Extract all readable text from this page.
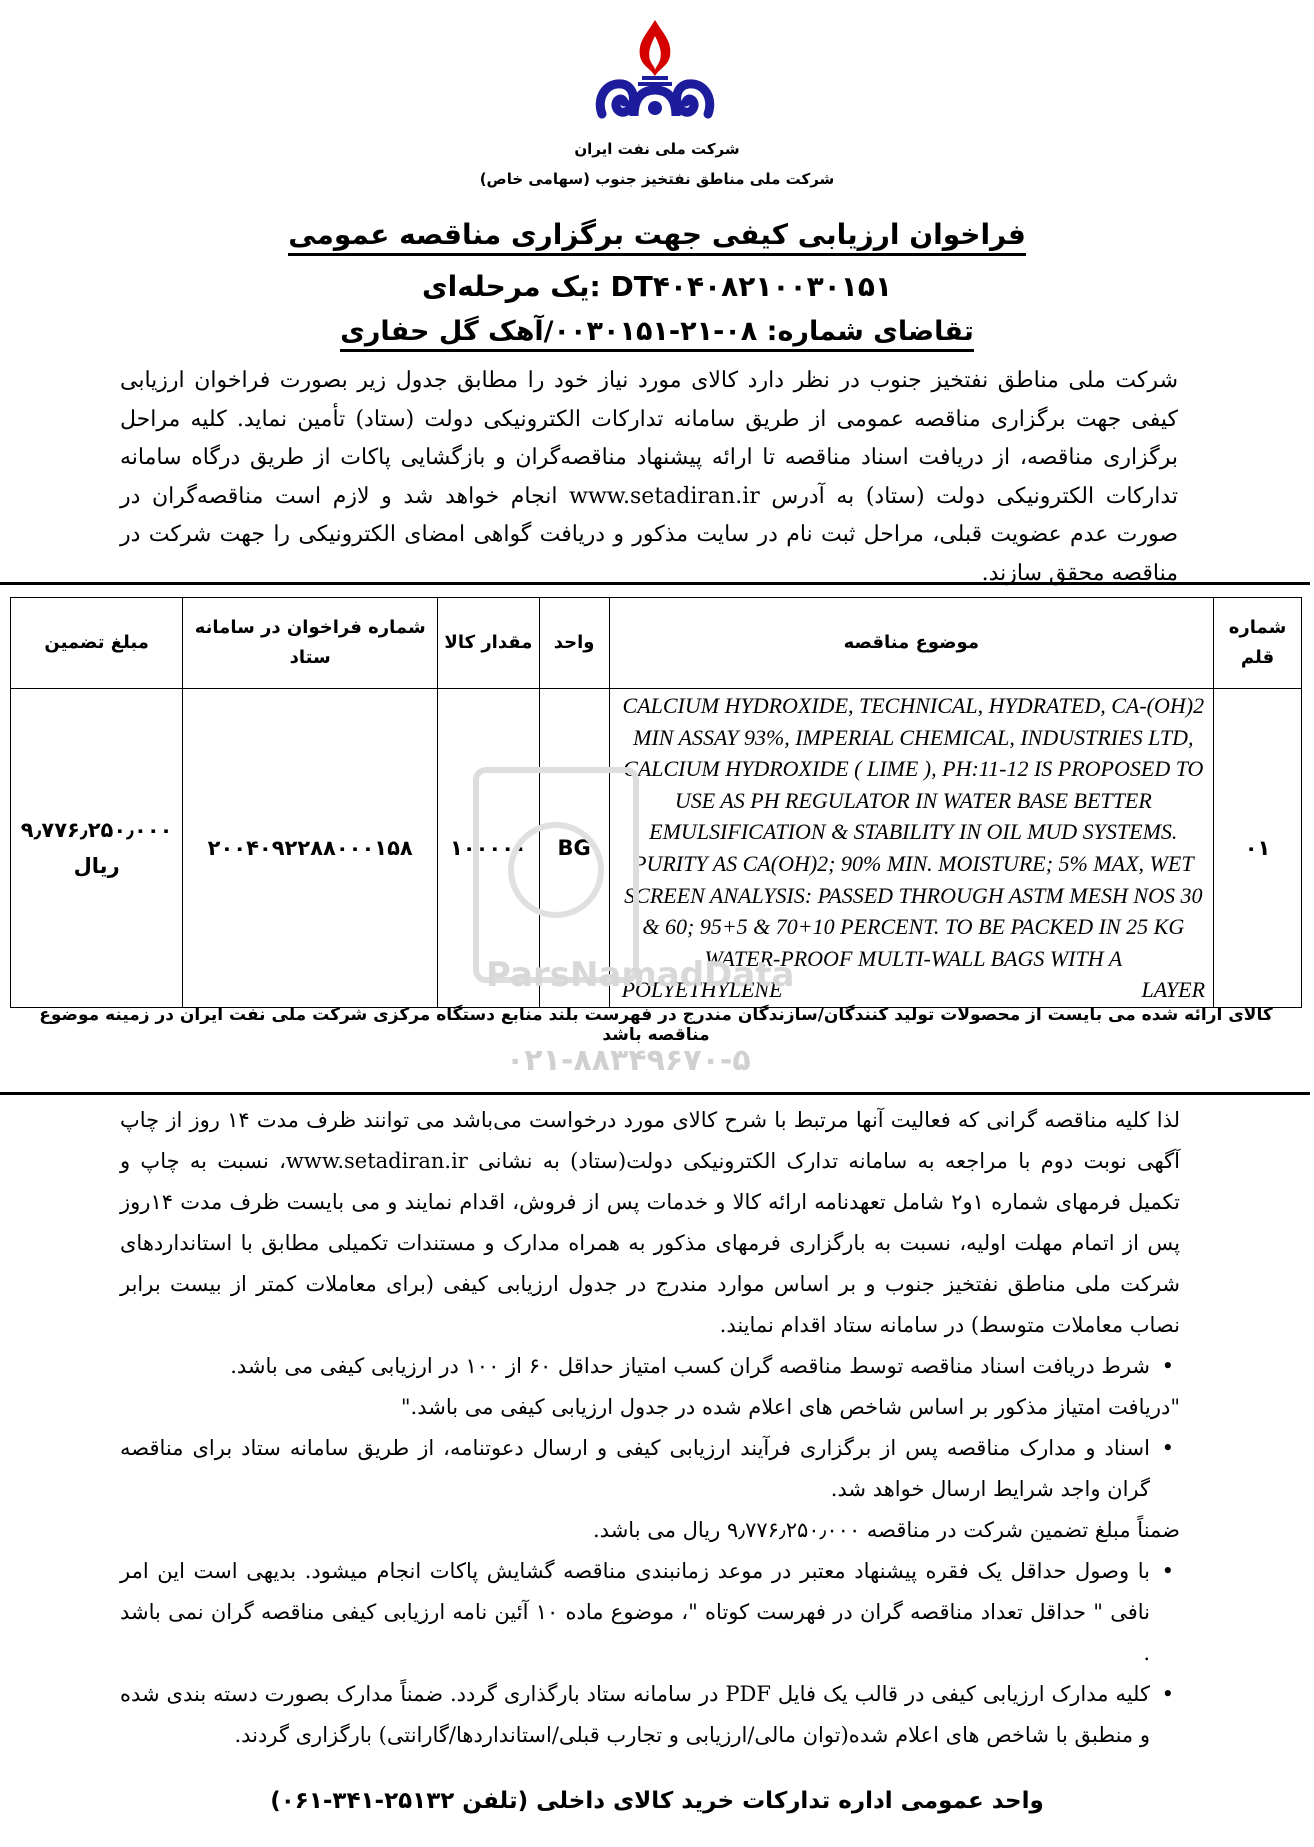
شرکت ملی نفت ایران
شرکت ملی مناطق نفتخیز جنوب (سهامی خاص)
فراخوان ارزیابی کیفی جهت برگزاری مناقصه عمومی
یک مرحله‌ای: DT۴۰۴۰۸۲۱۰۰۳۰۱۵۱
تقاضای شماره: ۰۸-۲۱-۰۰۳۰۱۵۱/آهک گل حفاری
شرکت ملی مناطق نفتخیز جنوب در نظر دارد کالای مورد نیاز خود را مطابق جدول زیر بصورت فراخوان ارزیابی کیفی جهت برگزاری مناقصه عمومی از طریق سامانه تدارکات الکترونیکی دولت (ستاد) تأمین نماید. کلیه مراحل برگزاری مناقصه، از دریافت اسناد مناقصه تا ارائه پیشنهاد مناقصه‌گران و بازگشایی پاکات از طریق درگاه سامانه تدارکات الکترونیکی دولت (ستاد) به آدرس www.setadiran.ir انجام خواهد شد و لازم است مناقصه‌گران در صورت عدم عضویت قبلی، مراحل ثبت نام در سایت مذکور و دریافت گواهی امضای الکترونیکی را جهت شرکت در مناقصه محقق سازند.
شماره قلم	موضوع مناقصه	واحد	مقدار کالا	شماره فراخوان در سامانه ستاد	مبلغ تضمین
۰۱	CALCIUM HYDROXIDE, TECHNICAL, HYDRATED, CA-(OH)2 MIN ASSAY 93%, IMPERIAL CHEMICAL, INDUSTRIES LTD, CALCIUM HYDROXIDE ( LIME ), PH:11-12 IS PROPOSED TO USE AS PH REGULATOR IN WATER BASE BETTER EMULSIFICATION & STABILITY IN OIL MUD SYSTEMS. PURITY AS CA(OH)2; 90% MIN. MOISTURE; 5% MAX, WET SCREEN ANALYSIS: PASSED THROUGH ASTM MESH NOS 30 & 60; 95+5 & 70+10 PERCENT. TO BE PACKED IN 25 KG WATER-PROOF MULTI-WALL BAGS WITH A POLYETHYLENE LAYER	BG	۱۰۰۰۰۰	۲۰۰۴۰۹۲۲۸۸۰۰۰۱۵۸	۹٫۷۷۶٫۲۵۰٫۰۰۰
ریال
کالای ارائه شده می بایست از محصولات تولید کنندگان/سازندگان مندرج در فهرست بلند منابع دستگاه مرکزی شرکت ملی نفت ایران در زمینه موضوع مناقصه باشد
ParsNamadData
۰۲۱-۸۸۳۴۹۶۷۰-۵

لذا کلیه مناقصه گرانی که فعالیت آنها مرتبط با شرح کالای مورد درخواست می‌باشد می توانند ظرف مدت ۱۴ روز از چاپ آگهی نوبت دوم با مراجعه به سامانه تدارک الکترونیکی دولت(ستاد) به نشانی www.setadiran.ir، نسبت به چاپ و تکمیل فرمهای شماره ۱و۲ شامل تعهدنامه ارائه کالا و خدمات پس از فروش، اقدام نمایند و می بایست ظرف مدت ۱۴روز پس از اتمام مهلت اولیه، نسبت به بارگزاری فرمهای مذکور به همراه مدارک و مستندات تکمیلی مطابق با استانداردهای شرکت ملی مناطق نفتخیز جنوب و بر اساس موارد مندرج در جدول ارزیابی کیفی (برای معاملات کمتر از بیست برابر نصاب معاملات متوسط) در سامانه ستاد اقدام نمایند.

• شرط دریافت اسناد مناقصه توسط مناقصه گران کسب امتیاز حداقل ۶۰ از ۱۰۰ در ارزیابی کیفی می باشد.

"دریافت امتیاز مذکور بر اساس شاخص های اعلام شده در جدول ارزیابی کیفی می باشد."

• اسناد و مدارک مناقصه پس از برگزاری فرآیند ارزیابی کیفی و ارسال دعوتنامه، از طریق سامانه ستاد برای مناقصه گران واجد شرایط ارسال خواهد شد.

ضمناً مبلغ تضمین شرکت در مناقصه ۹٫۷۷۶٫۲۵۰٫۰۰۰ ریال می باشد.

• با وصول حداقل یک فقره پیشنهاد معتبر در موعد زمانبندی مناقصه گشایش پاکات انجام میشود. بدیهی است این امر نافی " حداقل تعداد مناقصه گران در فهرست کوتاه "، موضوع ماده ۱۰ آئین نامه ارزیابی کیفی مناقصه گران نمی باشد .

• کلیه مدارک ارزیابی کیفی در قالب یک فایل PDF در سامانه ستاد بارگذاری گردد. ضمناً مدارک بصورت دسته بندی شده و منطبق با شاخص های اعلام شده(توان مالی/ارزیابی و تجارب قبلی/استانداردها/گارانتی) بارگزاری گردند.

واحد عمومی اداره تدارکات خرید کالای داخلی (تلفن ۲۵۱۳۲-۳۴۱-۰۶۱)
